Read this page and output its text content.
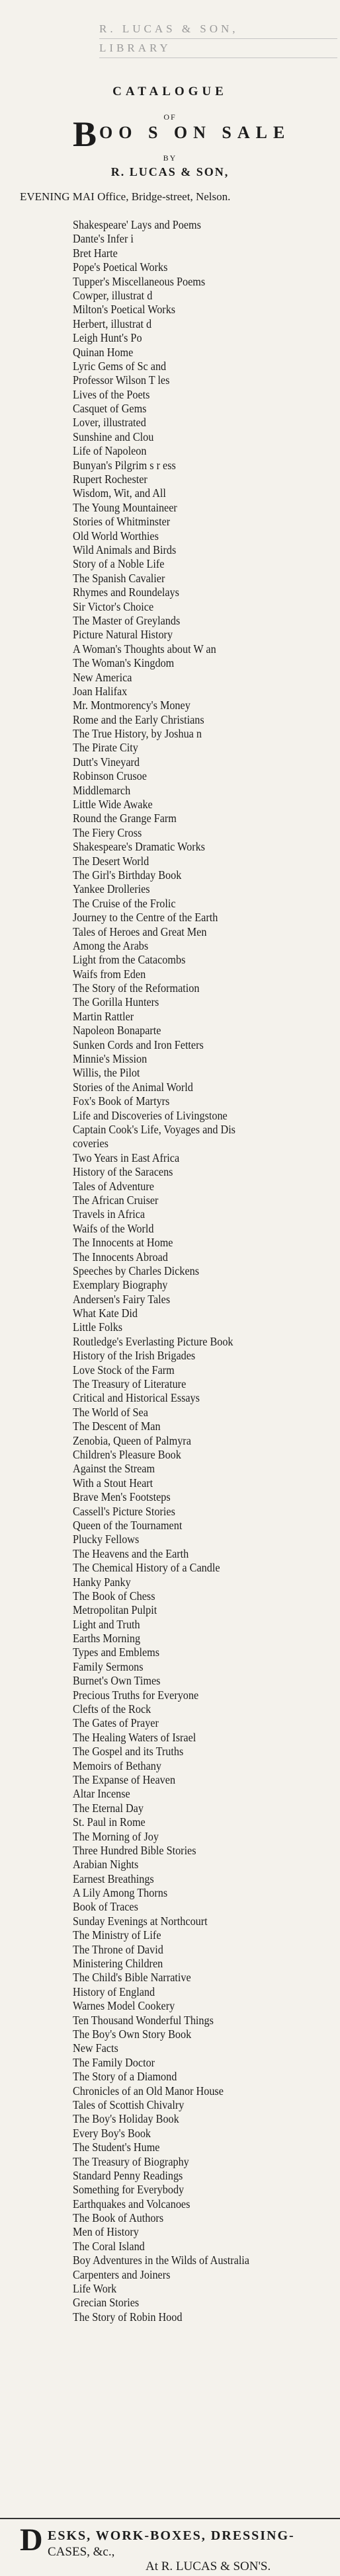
R. LUCAS & SON,
LIBRARY
CATALOGUE
OF
B
OO S ON SALE
BY
R. LUCAS & SON,
EVENING MAI Office, Bridge-street, Nelson.
Shakespeare' Lays and Poems
Dante's Infer i
Bret Harte
Pope's Poetical Works
Tupper's Miscellaneous Poems
Cowper, illustrat d
Milton's Poetical Works
Herbert, illustrat d
Leigh Hunt's Po
Quinan Home
Lyric Gems of Sc and
Professor Wilson T les
Lives of the Poets
Casquet of Gems
Lover, illustrated
Sunshine and Clou
Life of Napoleon
Bunyan's Pilgrim s r ess
Rupert Rochester
Wisdom, Wit, and All
The Young Mountaineer
Stories of Whitminster
Old World Worthies
Wild Animals and Birds
Story of a Noble Life
The Spanish Cavalier
Rhymes and Roundelays
Sir Victor's Choice
The Master of Greylands
Picture Natural History
A Woman's Thoughts about W an
The Woman's Kingdom
New America
Joan Halifax
Mr. Montmorency's Money
Rome and the Early Christians
The True History, by Joshua n
The Pirate City
Dutt's Vineyard
Robinson Crusoe
Middlemarch
Little Wide Awake
Round the Grange Farm
The Fiery Cross
Shakespeare's Dramatic Works
The Desert World
The Girl's Birthday Book
Yankee Drolleries
The Cruise of the Frolic
Journey to the Centre of the Earth
Tales of Heroes and Great Men
Among the Arabs
Light from the Catacombs
Waifs from Eden
The Story of the Reformation
The Gorilla Hunters
Martin Rattler
Napoleon Bonaparte
Sunken Cords and Iron Fetters
Minnie's Mission
Willis, the Pilot
Stories of the Animal World
Fox's Book of Martyrs
Life and Discoveries of Livingstone
Captain Cook's Life, Voyages and Dis
coveries
Two Years in East Africa
History of the Saracens
Tales of Adventure
The African Cruiser
Travels in Africa
Waifs of the World
The Innocents at Home
The Innocents Abroad
Speeches by Charles Dickens
Exemplary Biography
Andersen's Fairy Tales
What Kate Did
Little Folks
Routledge's Everlasting Picture Book
History of the Irish Brigades
Love Stock of the Farm
The Treasury of Literature
Critical and Historical Essays
The World of Sea
The Descent of Man
Zenobia, Queen of Palmyra
Children's Pleasure Book
Against the Stream
With a Stout Heart
Brave Men's Footsteps
Cassell's Picture Stories
Queen of the Tournament
Plucky Fellows
The Heavens and the Earth
The Chemical History of a Candle
Hanky Panky
The Book of Chess
Metropolitan Pulpit
Light and Truth
Earths Morning
Types and Emblems
Family Sermons
Burnet's Own Times
Precious Truths for Everyone
Clefts of the Rock
The Gates of Prayer
The Healing Waters of Israel
The Gospel and its Truths
Memoirs of Bethany
The Expanse of Heaven
Altar Incense
The Eternal Day
St. Paul in Rome
The Morning of Joy
Three Hundred Bible Stories
Arabian Nights
Earnest Breathings
A Lily Among Thorns
Book of Traces
Sunday Evenings at Northcourt
The Ministry of Life
The Throne of David
Ministering Children
The Child's Bible Narrative
History of England
Warnes Model Cookery
Ten Thousand Wonderful Things
The Boy's Own Story Book
New Facts
The Family Doctor
The Story of a Diamond
Chronicles of an Old Manor House
Tales of Scottish Chivalry
The Boy's Holiday Book
Every Boy's Book
The Student's Hume
The Treasury of Biography
Standard Penny Readings
Something for Everybody
Earthquakes and Volcanoes
The Book of Authors
Men of History
The Coral Island
Boy Adventures in the Wilds of Australia
Carpenters and Joiners
Life Work
Grecian Stories
The Story of Robin Hood
D ESKS, WORK-BOXES, DRESSING-
CASES, &c.,
At R. LUCAS & SON'S.
